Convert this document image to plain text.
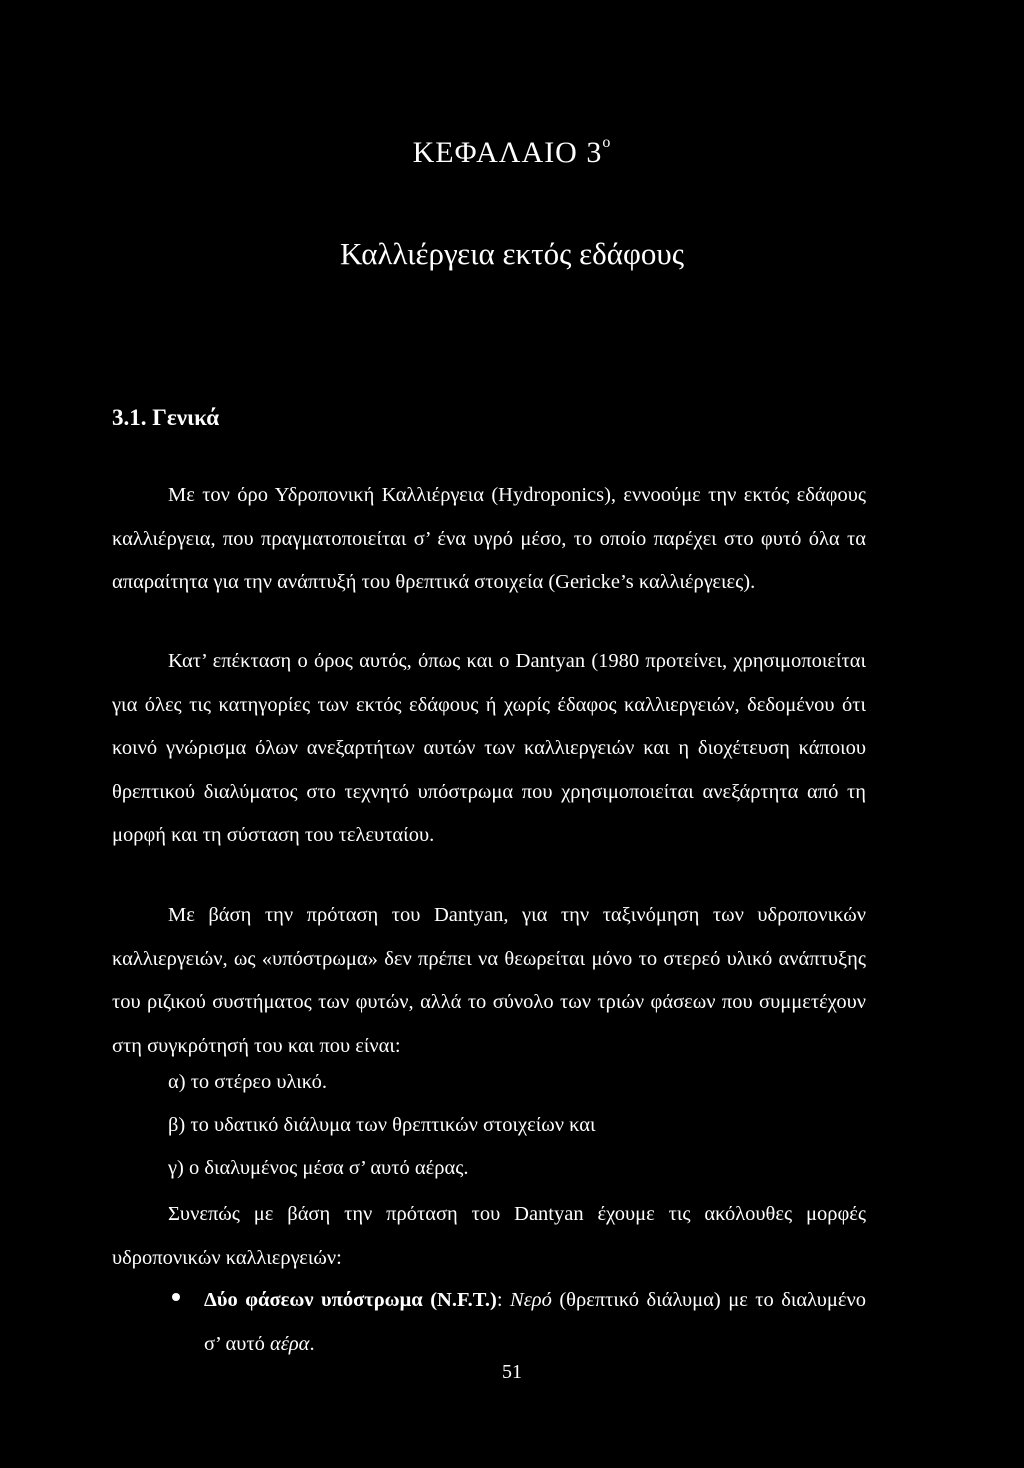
ΚΕΦΑΛΑΙΟ $3^o$
Καλλιέργεια εκτός εδάφους
3.1. Γενικά
Με τον όρο Υδροπονική Καλλιέργεια (Hydroponics), εννοούμε την εκτός εδάφους καλλιέργεια, που πραγματοποιείται σ’ ένα υγρό μέσο, το οποίο παρέχει στο φυτό όλα τα απαραίτητα για την ανάπτυξή του θρεπτικά στοιχεία (Gericke’s καλλιέργειες).
Κατ’ επέκταση ο όρος αυτός, όπως και ο Dantyan (1980 προτείνει, χρησιμοποιείται για όλες τις κατηγορίες των εκτός εδάφους ή χωρίς έδαφος καλλιεργειών, δεδομένου ότι κοινό γνώρισμα όλων ανεξαρτήτων αυτών των καλλιεργειών και η διοχέτευση κάποιου θρεπτικού διαλύματος στο τεχνητό υπόστρωμα που χρησιμοποιείται ανεξάρτητα από τη μορφή και τη σύσταση του τελευταίου.
Με βάση την πρόταση του Dantyan, για την ταξινόμηση των υδροπονικών καλλιεργειών, ως «υπόστρωμα» δεν πρέπει να θεωρείται μόνο το στερεό υλικό ανάπτυξης του ριζικού συστήματος των φυτών, αλλά το σύνολο των τριών φάσεων που συμμετέχουν στη συγκρότησή του και που είναι:
α) το στέρεο υλικό.
β) το υδατικό διάλυμα των θρεπτικών στοιχείων και
γ) ο διαλυμένος μέσα σ’ αυτό αέρας.
Συνεπώς με βάση την πρόταση του Dantyan έχουμε τις ακόλουθες μορφές υδροπονικών καλλιεργειών:
Δύο φάσεων υπόστρωμα (N.F.T.): Νερό (θρεπτικό διάλυμα) με το διαλυμένο σ’ αυτό αέρα.
51
